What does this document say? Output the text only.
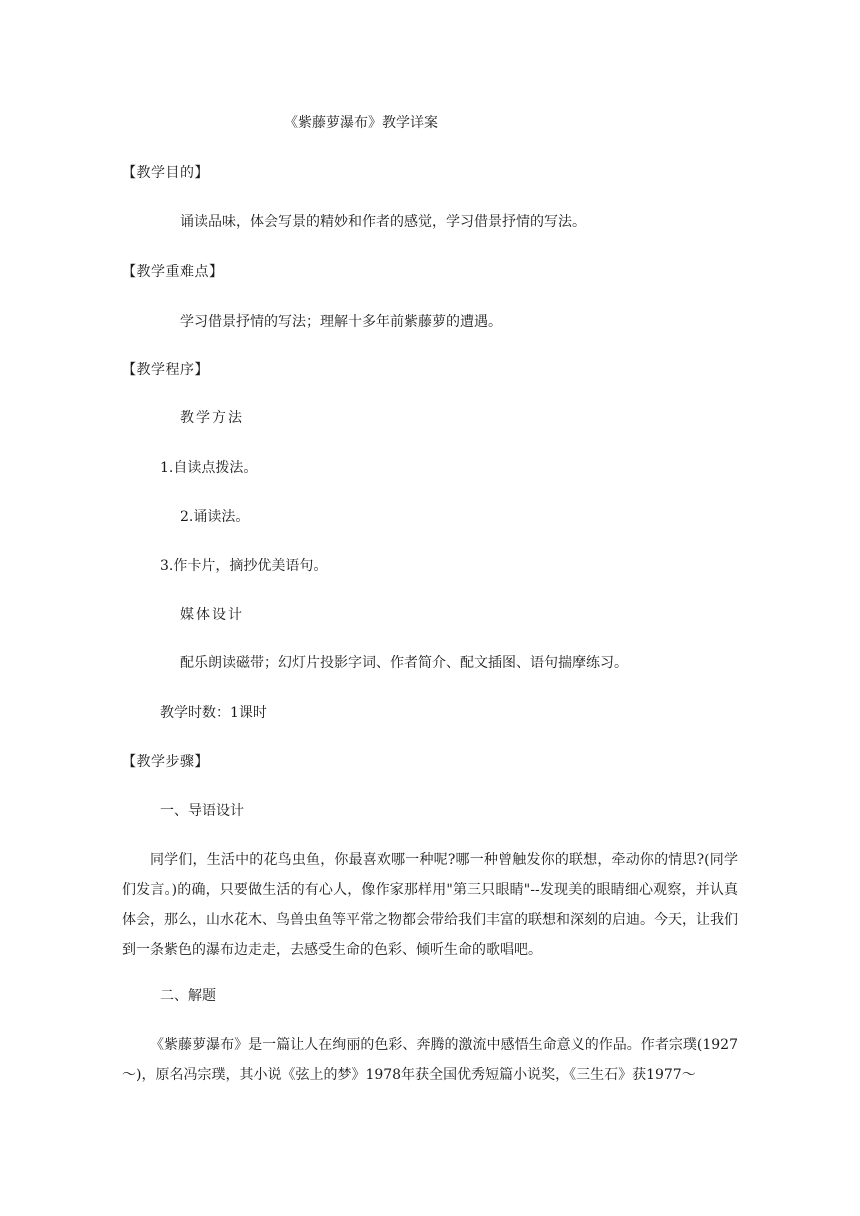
《紫藤萝瀑布》教学详案
【教学目的】
诵读品味，体会写景的精妙和作者的感觉，学习借景抒情的写法。
【教学重难点】
学习借景抒情的写法；理解十多年前紫藤萝的遭遇。
【教学程序】
教学方法
1.自读点拨法。
2.诵读法。
3.作卡片，摘抄优美语句。
媒体设计
配乐朗读磁带；幻灯片投影字词、作者简介、配文插图、语句揣摩练习。
教学时数：1课时
【教学步骤】
一、导语设计
同学们，生活中的花鸟虫鱼，你最喜欢哪一种呢?哪一种曾触发你的联想，牵动你的情思?(同学们发言。)的确，只要做生活的有心人，像作家那样用"第三只眼睛"--发现美的眼睛细心观察，并认真体会，那么，山水花木、鸟兽虫鱼等平常之物都会带给我们丰富的联想和深刻的启迪。今天，让我们到一条紫色的瀑布边走走，去感受生命的色彩、倾听生命的歌唱吧。
二、解题
《紫藤萝瀑布》是一篇让人在绚丽的色彩、奔腾的激流中感悟生命意义的作品。作者宗璞(1927～)，原名冯宗璞，其小说《弦上的梦》1978年获全国优秀短篇小说奖，《三生石》获1977～
